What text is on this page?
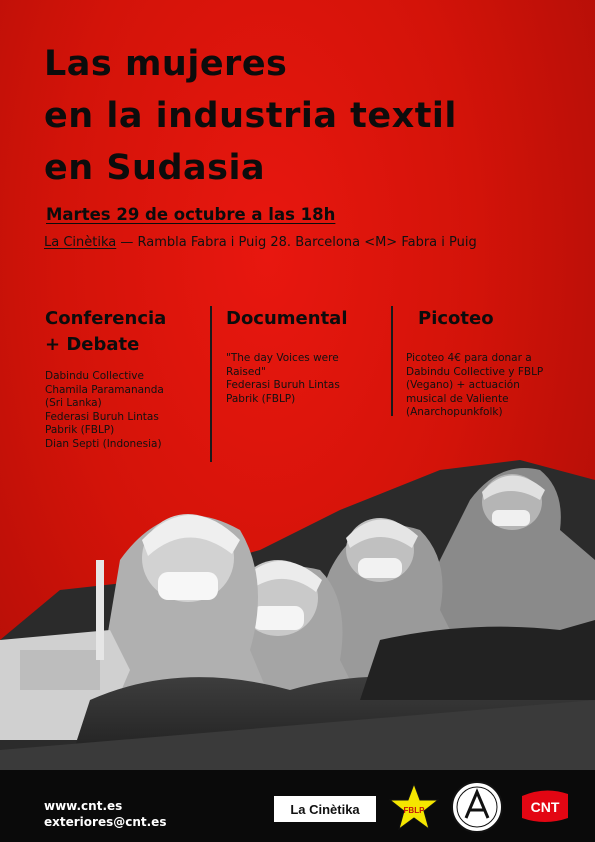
Las mujeres
en la industria textil
en Sudasia
Martes 29 de octubre a las 18h
La Cinètika — Rambla Fabra i Puig 28. Barcelona <M> Fabra i Puig
Conferencia
+ Debate

Dabindu Collective
Chamila Paramananda
(Sri Lanka)
Federasi Buruh Lintas
Pabrik (FBLP)
Dian Septi (Indonesia)

Documental

"The day Voices were
Raised"
Federasi Buruh Lintas
Pabrik (FBLP)

Picoteo

Picoteo 4€ para donar a
Dabindu Collective y FBLP
(Vegano) + actuación
musical de Valiente
(Anarchopunkfolk)

www.cnt.es
exteriores@cnt.es
La Cinètika	FBLP	CNT
